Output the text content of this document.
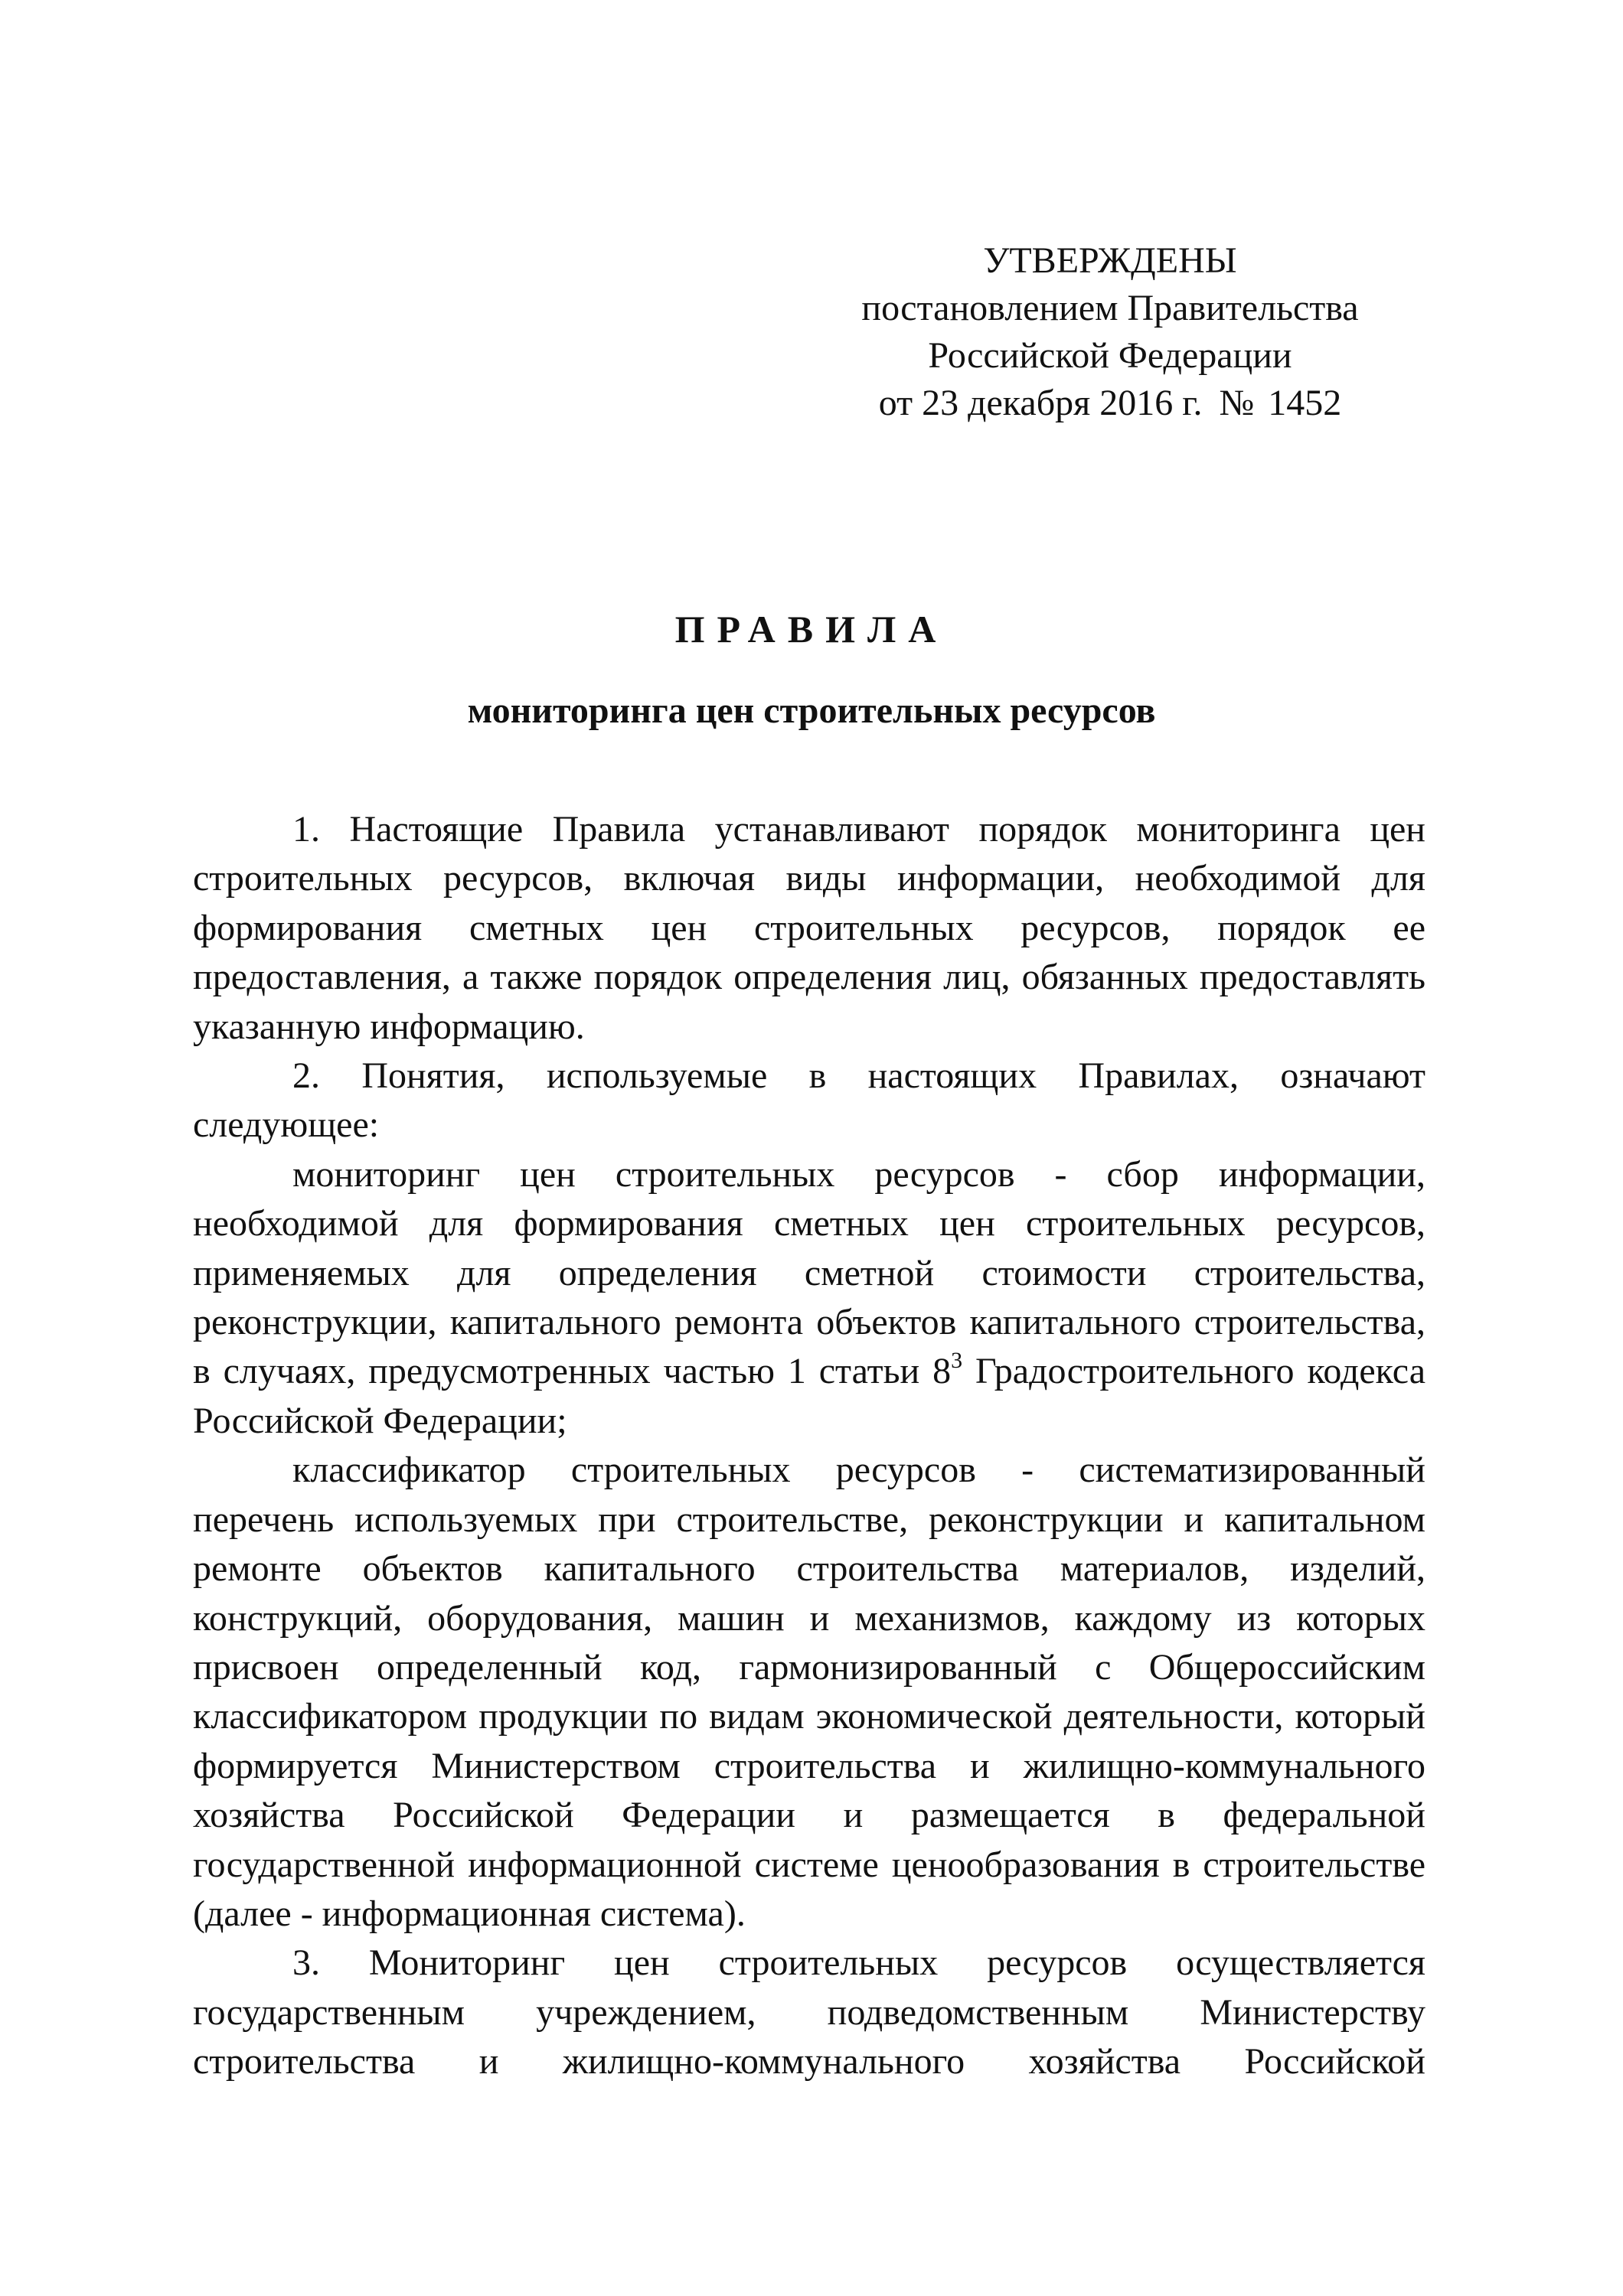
УТВЕРЖДЕНЫ
постановлением Правительства
Российской Федерации
от 23 декабря 2016 г. № 1452
ПРАВИЛА
мониторинга цен строительных ресурсов

1. Настоящие Правила устанавливают порядок мониторинга цен строительных ресурсов, включая виды информации, необходимой для формирования сметных цен строительных ресурсов, порядок ее предоставления, а также порядок определения лиц, обязанных предоставлять указанную информацию.

2. Понятия, используемые в настоящих Правилах, означают следующее:

мониторинг цен строительных ресурсов - сбор информации, необходимой для формирования сметных цен строительных ресурсов, применяемых для определения сметной стоимости строительства, реконструкции, капитального ремонта объектов капитального строительства, в случаях, предусмотренных частью 1 статьи $8^3$ Градостроительного кодекса Российской Федерации;

классификатор строительных ресурсов - систематизированный перечень используемых при строительстве, реконструкции и капитальном ремонте объектов капитального строительства материалов, изделий, конструкций, оборудования, машин и механизмов, каждому из которых присвоен определенный код, гармонизированный с Общероссийским классификатором продукции по видам экономической деятельности, который формируется Министерством строительства и жилищно-коммунального хозяйства Российской Федерации и размещается в федеральной государственной информационной системе ценообразования в строительстве (далее - информационная система).

3. Мониторинг цен строительных ресурсов осуществляется государственным учреждением, подведомственным Министерству строительства и жилищно-коммунального хозяйства Российской
